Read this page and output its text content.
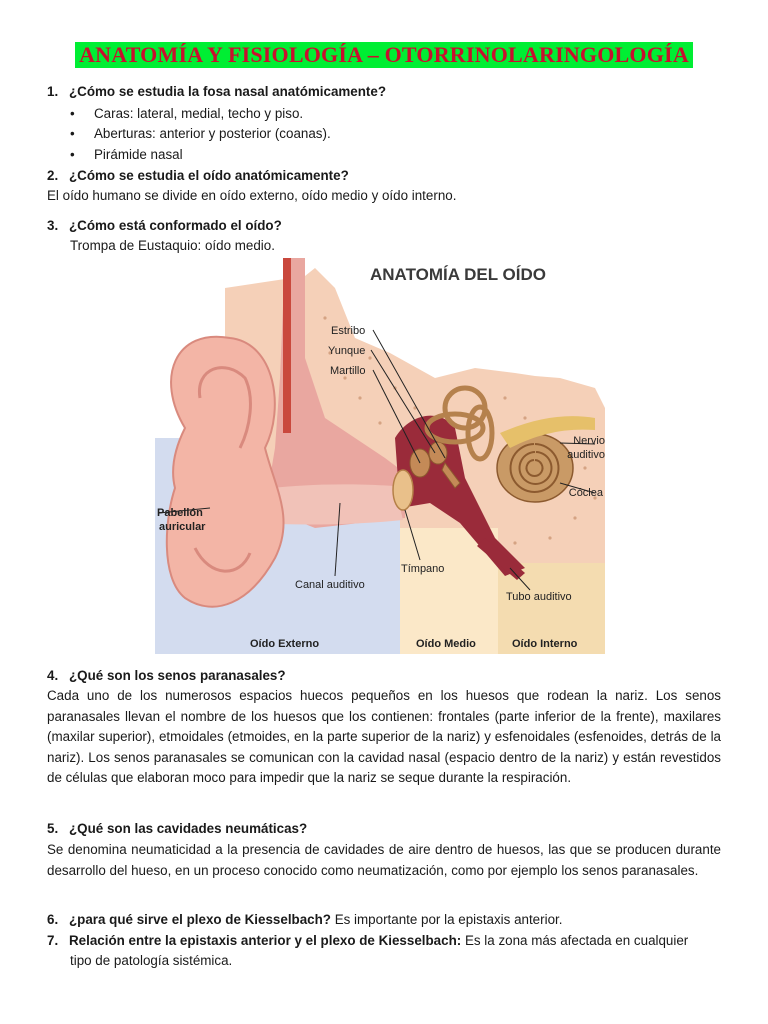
ANATOMÍA Y FISIOLOGÍA – OTORRINOLARINGOLOGÍA
1. ¿Cómo se estudia la fosa nasal anatómicamente?
• Caras: lateral, medial, techo y piso.
• Aberturas: anterior y posterior (coanas).
• Pirámide nasal
2. ¿Cómo se estudia el oído anatómicamente?
El oído humano se divide en oído externo, oído medio y oído interno.
3. ¿Cómo está conformado el oído?
Trompa de Eustaquio: oído medio.
ANATOMÍA DEL OÍDO
Estribo
Yunque
Martillo
Nervio
auditivo
Cóclea
Pabellón
auricular
Canal auditivo
Tímpano
Tubo auditivo
Oído Externo	Oído Medio	Oído Interno
4. ¿Qué son los senos paranasales?
Cada uno de los numerosos espacios huecos pequeños en los huesos que rodean la nariz. Los senos paranasales llevan el nombre de los huesos que los contienen: frontales (parte inferior de la frente), maxilares (maxilar superior), etmoidales (etmoides, en la parte superior de la nariz) y esfenoidales (esfenoides, detrás de la nariz). Los senos paranasales se comunican con la cavidad nasal (espacio dentro de la nariz) y están revestidos de células que elaboran moco para impedir que la nariz se seque durante la respiración.
5. ¿Qué son las cavidades neumáticas?
Se denomina neumaticidad a la presencia de cavidades de aire dentro de huesos, las que se producen durante desarrollo del hueso, en un proceso conocido como neumatización, como por ejemplo los senos paranasales.
6. ¿para qué sirve el plexo de Kiesselbach? Es importante por la epistaxis anterior.
7. Relación entre la epistaxis anterior y el plexo de Kiesselbach: Es la zona más afectada en cualquier
tipo de patología sistémica.
